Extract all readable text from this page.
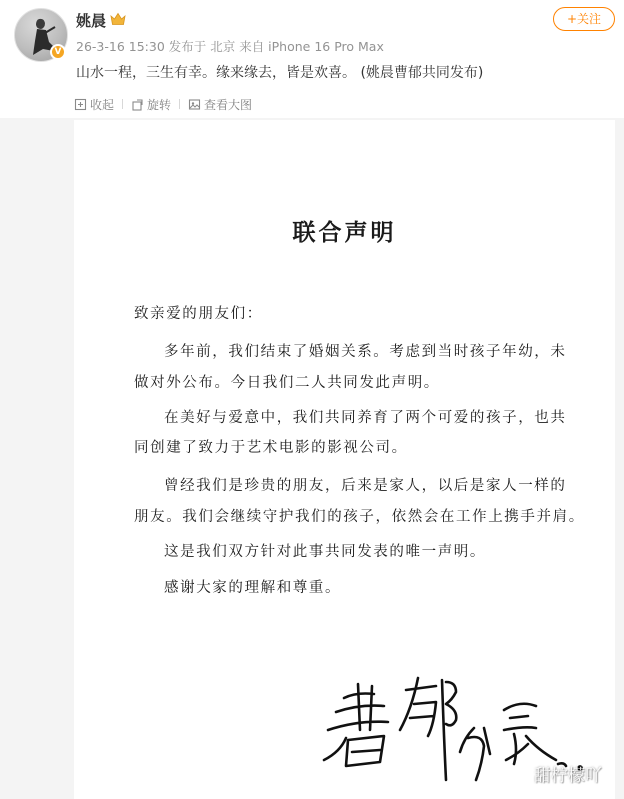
V
姚晨
26-3-16 15:30 发布于 北京 来自 iPhone 16 Pro Max
+关注
山水一程，三生有幸。缘来缘去，皆是欢喜。 (姚晨曹郁共同发布)
收起	旋转	查看大图
联合声明
致亲爱的朋友们：
多年前，我们结束了婚姻关系。考虑到当时孩子年幼，未
做对外公布。今日我们二人共同发此声明。
在美好与爱意中，我们共同养育了两个可爱的孩子，也共
同创建了致力于艺术电影的影视公司。
曾经我们是珍贵的朋友，后来是家人，以后是家人一样的
朋友。我们会继续守护我们的孩子，依然会在工作上携手并肩。
这是我们双方针对此事共同发表的唯一声明。
感谢大家的理解和尊重。
甜柠檬吖
